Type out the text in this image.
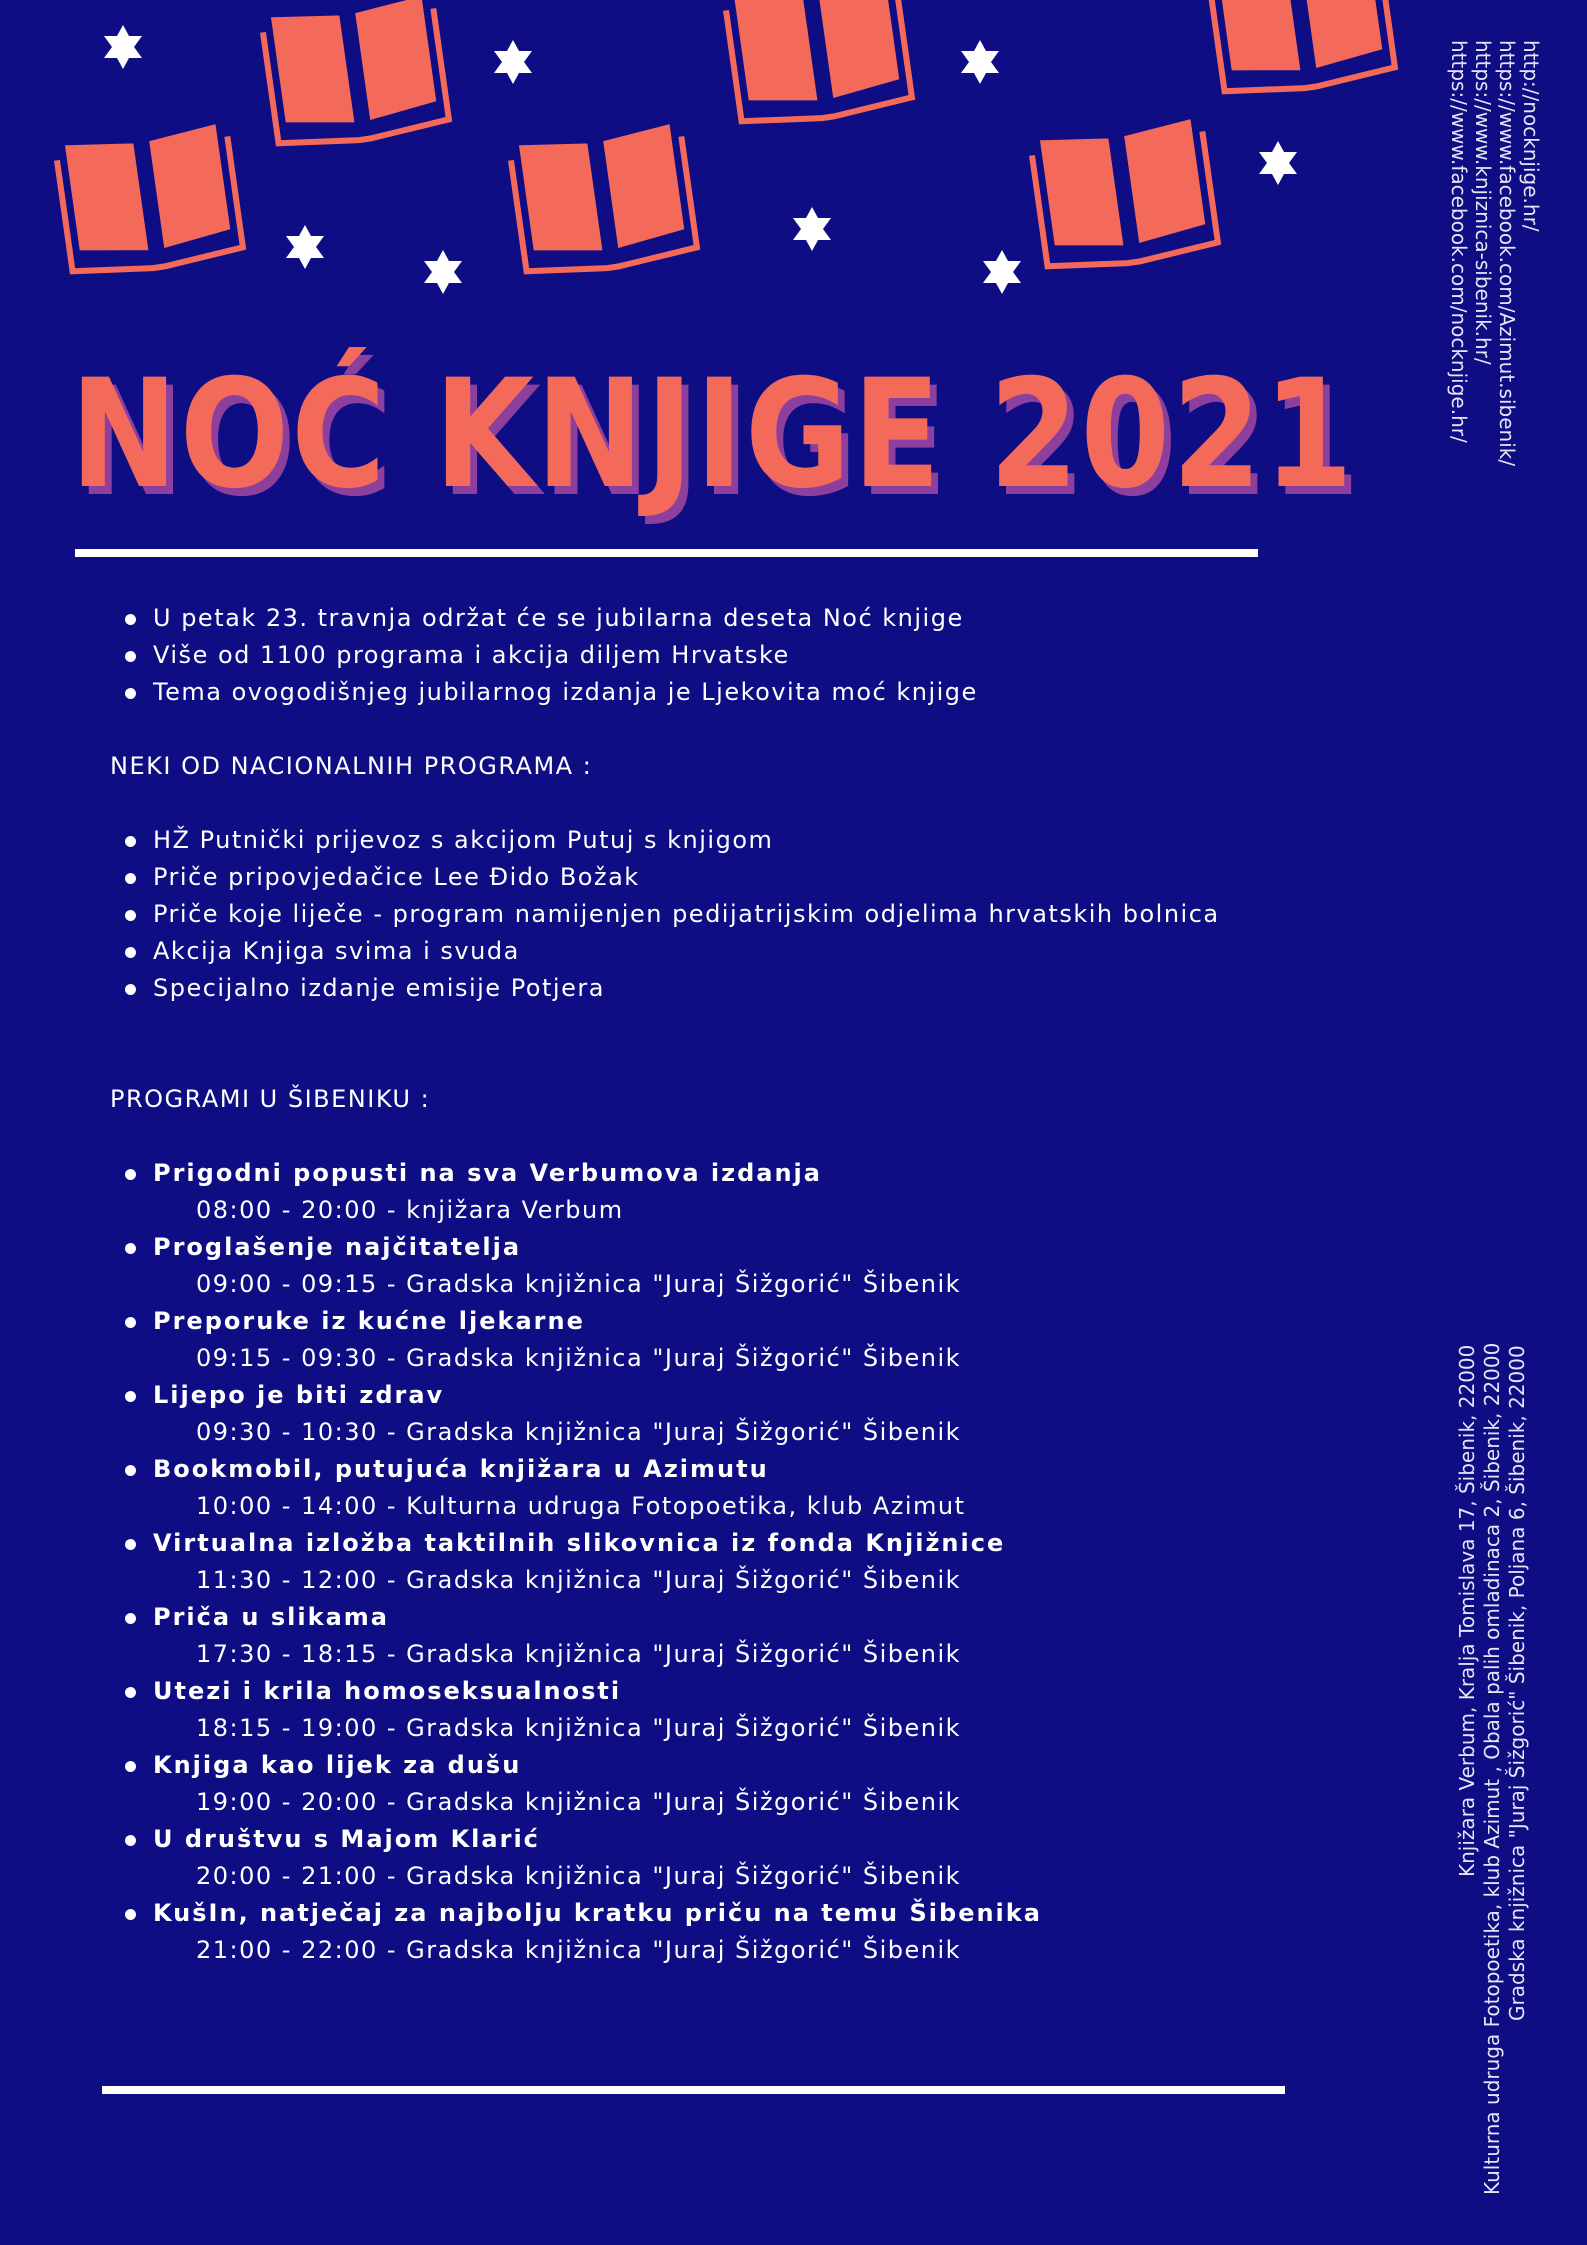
NOĆ KNJIGE 2021
U petak 23. travnja održat će se jubilarna deseta Noć knjige
Više od 1100 programa i akcija diljem Hrvatske
Tema ovogodišnjeg jubilarnog izdanja je Ljekovita moć knjige
NEKI OD NACIONALNIH PROGRAMA :
HŽ Putnički prijevoz s akcijom Putuj s knjigom
Priče pripovjedačice Lee Đido Božak
Priče koje liječe - program namijenjen pedijatrijskim odjelima hrvatskih bolnica
Akcija Knjiga svima i svuda
Specijalno izdanje emisije Potjera
PROGRAMI U ŠIBENIKU :
Prigodni popusti na sva Verbumova izdanja
08:00 - 20:00 - knjižara Verbum
Proglašenje najčitatelja
09:00 - 09:15 - Gradska knjižnica "Juraj Šižgorić" Šibenik
Preporuke iz kućne ljekarne
09:15 - 09:30 - Gradska knjižnica "Juraj Šižgorić" Šibenik
Lijepo je biti zdrav
09:30 - 10:30 - Gradska knjižnica "Juraj Šižgorić" Šibenik
Bookmobil, putujuća knjižara u Azimutu
10:00 - 14:00 - Kulturna udruga Fotopoetika, klub Azimut
Virtualna izložba taktilnih slikovnica iz fonda Knjižnice
11:30 - 12:00 - Gradska knjižnica "Juraj Šižgorić" Šibenik
Priča u slikama
17:30 - 18:15 - Gradska knjižnica "Juraj Šižgorić" Šibenik
Utezi i krila homoseksualnosti
18:15 - 19:00 - Gradska knjižnica "Juraj Šižgorić" Šibenik
Knjiga kao lijek za dušu
19:00 - 20:00 - Gradska knjižnica "Juraj Šižgorić" Šibenik
U društvu s Majom Klarić
20:00 - 21:00 - Gradska knjižnica "Juraj Šižgorić" Šibenik
KušIn, natječaj za najbolju kratku priču na temu Šibenika
21:00 - 22:00 - Gradska knjižnica "Juraj Šižgorić" Šibenik
http://nocknjige.hr/
https://www.facebook.com/Azimut.sibenik/
https://www.knjiznica-sibenik.hr/
https://www.facebook.com/nocknjige.hr/
Knjižara Verbum, Kralja Tomislava 17, Šibenik, 22000 Kulturna udruga Fotopoetika, klub Azimut , Obala palih omladinaca 2, Šibenik, 22000 Gradska knjižnica "Juraj Šižgorić" Šibenik, Poljana 6, Šibenik, 22000
